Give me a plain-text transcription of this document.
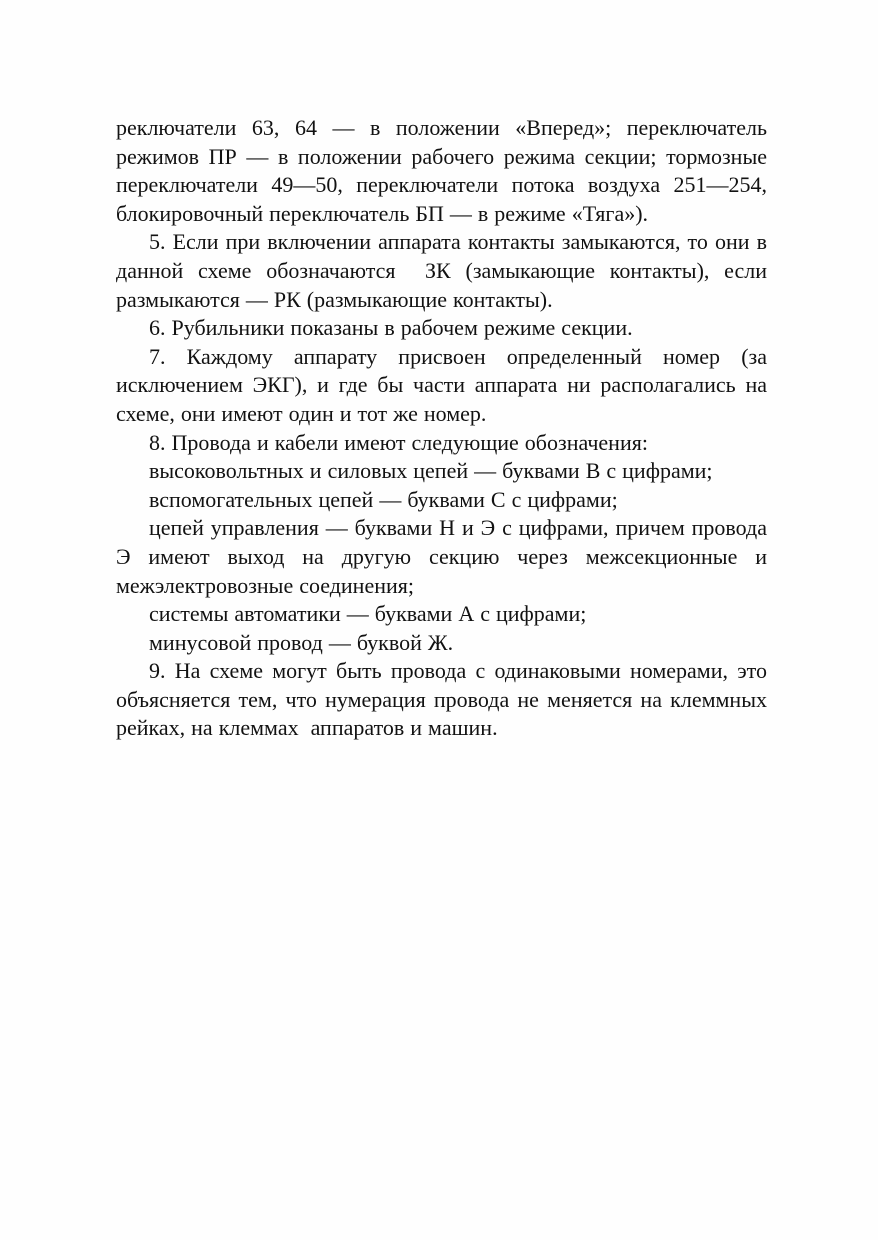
реключатели 63, 64 — в положении «Вперед»; переключатель режимов ПР — в положении рабочего режима секции; тормозные переключатели 49—50, переключатели потока воздуха 251—254, блокировочный переключатель БП — в режиме «Тяга»).

5. Если при включении аппарата контакты замыкаются, то они в данной схеме обозначаются  ЗК (замыкающие контакты), если размыкаются — РК (размыкающие контакты).

6. Рубильники показаны в рабочем режиме секции.

7. Каждому аппарату присвоен определенный номер (за исключением ЭКГ), и где бы части аппарата ни располагались на схеме, они имеют один и тот же номер.

8. Провода и кабели имеют следующие обозначения:

высоковольтных и силовых цепей — буквами В с цифрами;

вспомогательных цепей — буквами С с цифрами;

цепей управления — буквами Н и Э с цифрами, причем провода Э имеют выход на другую секцию через межсекционные и межэлектровозные соединения;

системы автоматики — буквами А с цифрами;

минусовой провод — буквой Ж.

9. На схеме могут быть провода с одинаковыми номерами, это объясняется тем, что нумерация провода не меняется на клеммных рейках, на клеммах  аппаратов и машин.
